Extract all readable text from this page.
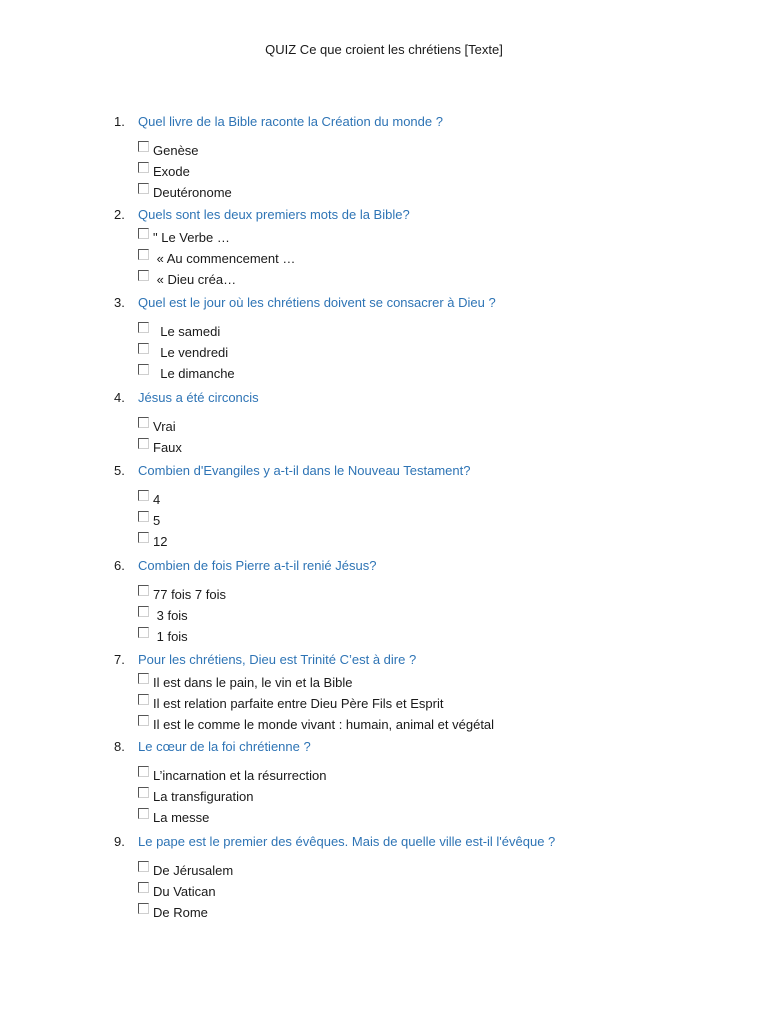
QUIZ Ce que croient les chrétiens [Texte]
1. Quel livre de la Bible raconte la Création du monde ?
Genèse
Exode
Deutéronome
2. Quels sont les deux premiers mots de la Bible?
" Le Verbe …
« Au commencement …
« Dieu créa…
3. Quel est le jour où les chrétiens doivent se consacrer à Dieu ?
Le samedi
Le vendredi
Le dimanche
4. Jésus a été circoncis
Vrai
Faux
5. Combien d'Evangiles y a-t-il dans le Nouveau Testament?
4
5
12
6. Combien de fois Pierre a-t-il renié Jésus?
77 fois 7 fois
3 fois
1 fois
7. Pour les chrétiens, Dieu est Trinité C’est à dire ?
Il est dans le pain, le vin et la Bible
Il est relation parfaite entre Dieu Père Fils et Esprit
Il est le comme le monde vivant : humain, animal et végétal
8. Le cœur de la foi chrétienne ?
L’incarnation et la résurrection
La transfiguration
La messe
9. Le pape est le premier des évêques. Mais de quelle ville est-il l'évêque ?
De Jérusalem
Du Vatican
De Rome
